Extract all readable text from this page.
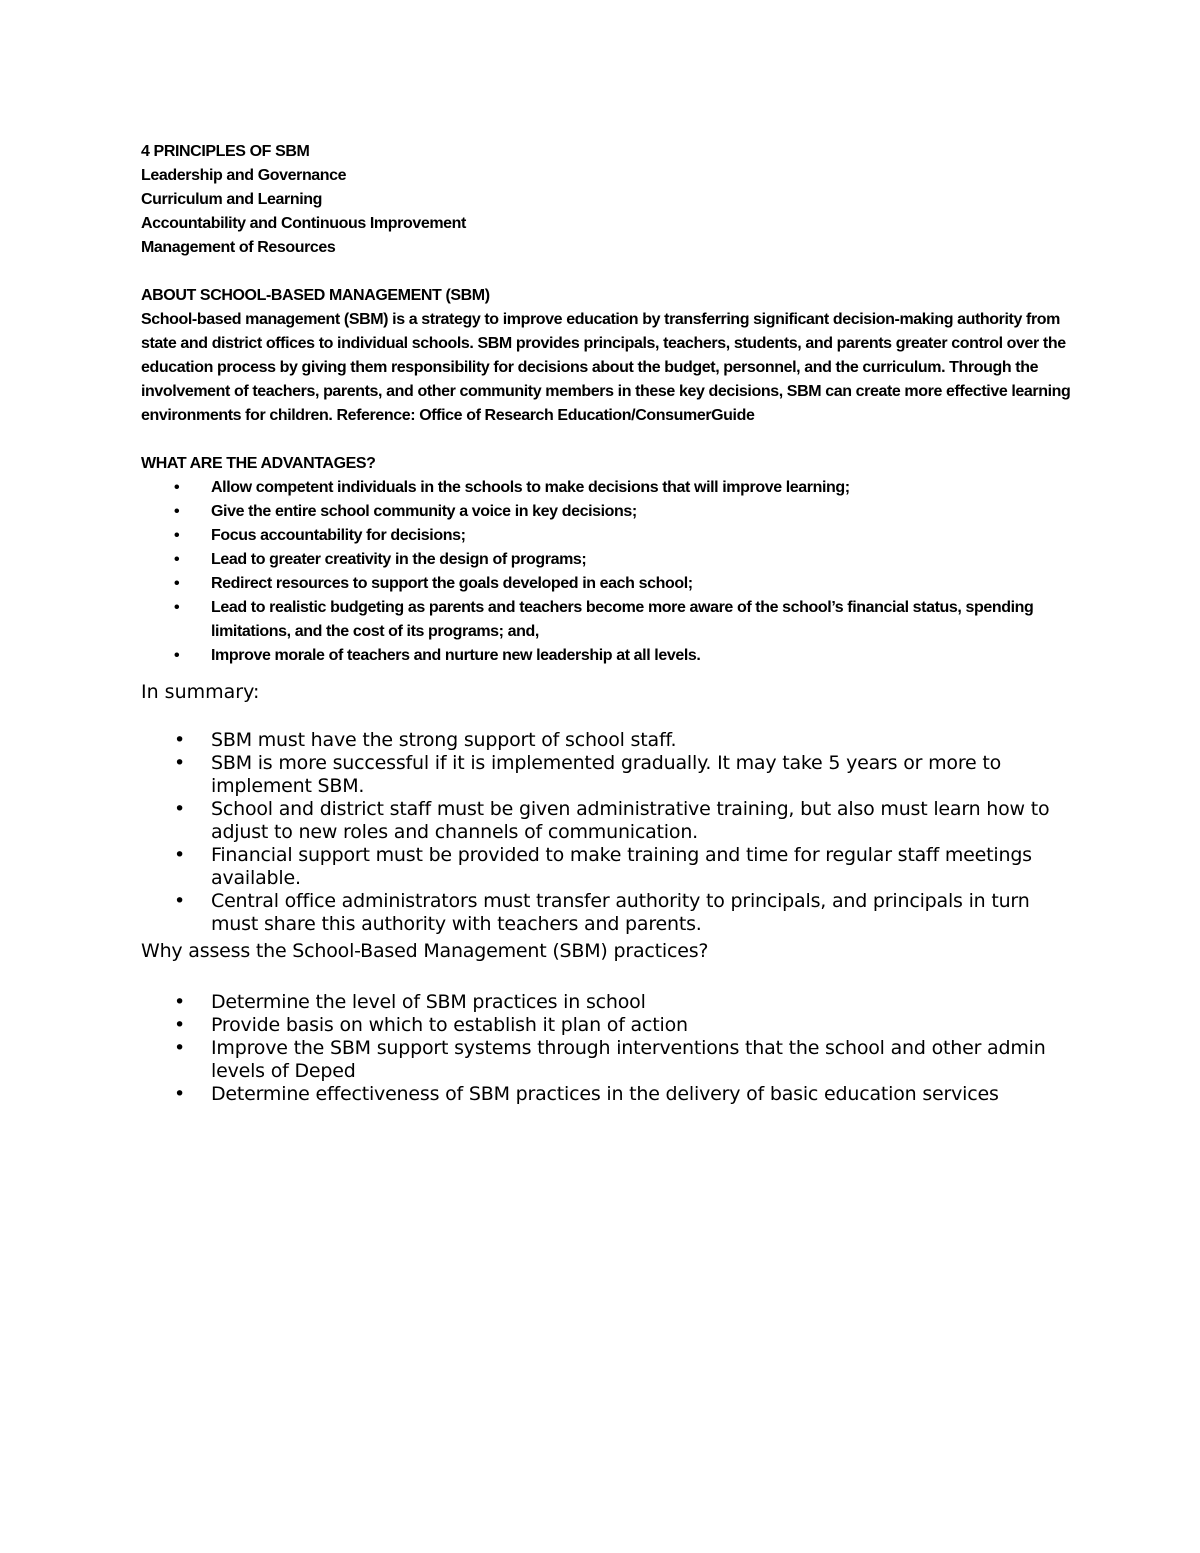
4 PRINCIPLES OF SBM

Leadership and Governance

Curriculum and Learning

Accountability and Continuous Improvement

Management of Resources

ABOUT SCHOOL-BASED MANAGEMENT (SBM)

School-based management (SBM) is a strategy to improve education by transferring significant decision-making authority from state and district offices to individual schools. SBM provides principals, teachers, students, and parents greater control over the education process by giving them responsibility for decisions about the budget, personnel, and the curriculum. Through the involvement of teachers, parents, and other community members in these key decisions, SBM can create more effective learning environments for children. Reference: Office of Research Education/ConsumerGuide

WHAT ARE THE ADVANTAGES?

• Allow competent individuals in the schools to make decisions that will improve learning;
• Give the entire school community a voice in key decisions;
• Focus accountability for decisions;
• Lead to greater creativity in the design of programs;
• Redirect resources to support the goals developed in each school;
• Lead to realistic budgeting as parents and teachers become more aware of the school’s financial status, spending limitations, and the cost of its programs; and,
• Improve morale of teachers and nurture new leadership at all levels.

In summary:

• SBM must have the strong support of school staff.
• SBM is more successful if it is implemented gradually. It may take 5 years or more to implement SBM.
• School and district staff must be given administrative training, but also must learn how to adjust to new roles and channels of communication.
• Financial support must be provided to make training and time for regular staff meetings available.
• Central office administrators must transfer authority to principals, and principals in turn must share this authority with teachers and parents.

Why assess the School-Based Management (SBM) practices?

• Determine the level of SBM practices in school
• Provide basis on which to establish it plan of action
• Improve the SBM support systems through interventions that the school and other admin levels of Deped
• Determine effectiveness of SBM practices in the delivery of basic education services
